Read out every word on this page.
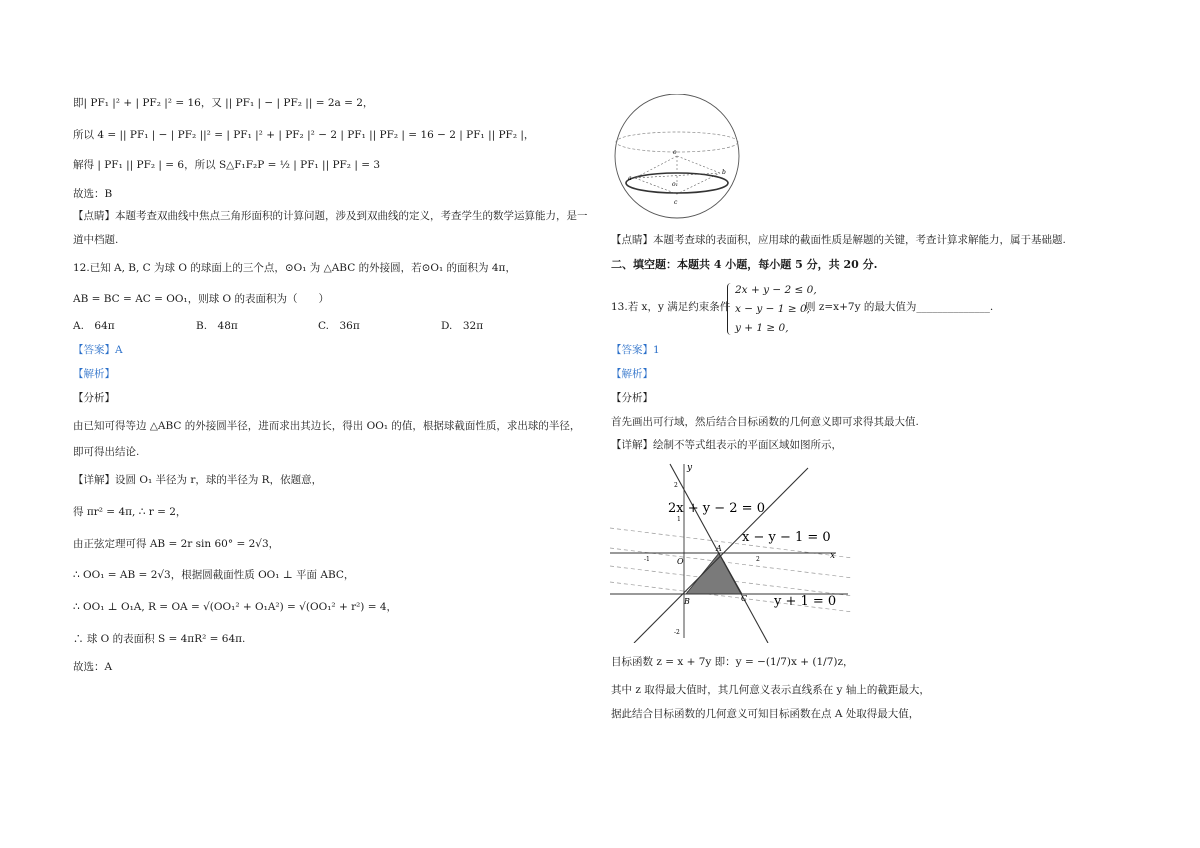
即| PF₁ |² + | PF₂ |² = 16，又 || PF₁ | − | PF₂ || = 2a = 2，
所以 4 = || PF₁ | − | PF₂ ||² = | PF₁ |² + | PF₂ |² − 2 | PF₁ || PF₂ | = 16 − 2 | PF₁ || PF₂ |，
解得 | PF₁ || PF₂ | = 6，所以 S△F₁F₂P = ½ | PF₁ || PF₂ | = 3
故选：B
【点睛】本题考查双曲线中焦点三角形面积的计算问题，涉及到双曲线的定义，考查学生的数学运算能力，是一
道中档题.
12.已知 A, B, C 为球 O 的球面上的三个点，⊙O₁ 为 △ABC 的外接圆，若⊙O₁ 的面积为 4π，
AB = BC = AC = OO₁，则球 O 的表面积为（　　）
A.　64π	B.　48π	C.　36π	D.　32π
【答案】A
【解析】
【分析】
由已知可得等边 △ABC 的外接圆半径，进而求出其边长，得出 OO₁ 的值，根据球截面性质，求出球的半径，
即可得出结论.
【详解】设圆 O₁ 半径为 r，球的半径为 R，依题意，
得 πr² = 4π, ∴ r = 2，
由正弦定理可得 AB = 2r sin 60° = 2√3，
∴ OO₁ = AB = 2√3，根据圆截面性质 OO₁ ⊥ 平面 ABC，
∴ OO₁ ⊥ O₁A, R = OA = √(OO₁² + O₁A²) = √(OO₁² + r²) = 4，
∴ 球 O 的表面积 S = 4πR² = 64π.
故选：A
o
o₁
a
b
c
【点睛】本题考查球的表面积，应用球的截面性质是解题的关键，考查计算求解能力，属于基础题.
二、填空题：本题共 4 小题，每小题 5 分，共 20 分.
13.若 x，y 满足约束条件
2x + y − 2 ≤ 0,
x − y − 1 ≥ 0,
y + 1 ≥ 0,
则 z=x+7y 的最大值为______________.
【答案】1
【解析】
【分析】
首先画出可行域，然后结合目标函数的几何意义即可求得其最大值.
【详解】绘制不等式组表示的平面区域如图所示，
x
y
2x + y − 2 = 0
x − y − 1 = 0
y + 1 = 0
A
B	C
O
1
2
-2
-1	2
目标函数 z = x + 7y 即：y = −(1/7)x + (1/7)z，
其中 z 取得最大值时，其几何意义表示直线系在 y 轴上的截距最大，
据此结合目标函数的几何意义可知目标函数在点 A 处取得最大值，
